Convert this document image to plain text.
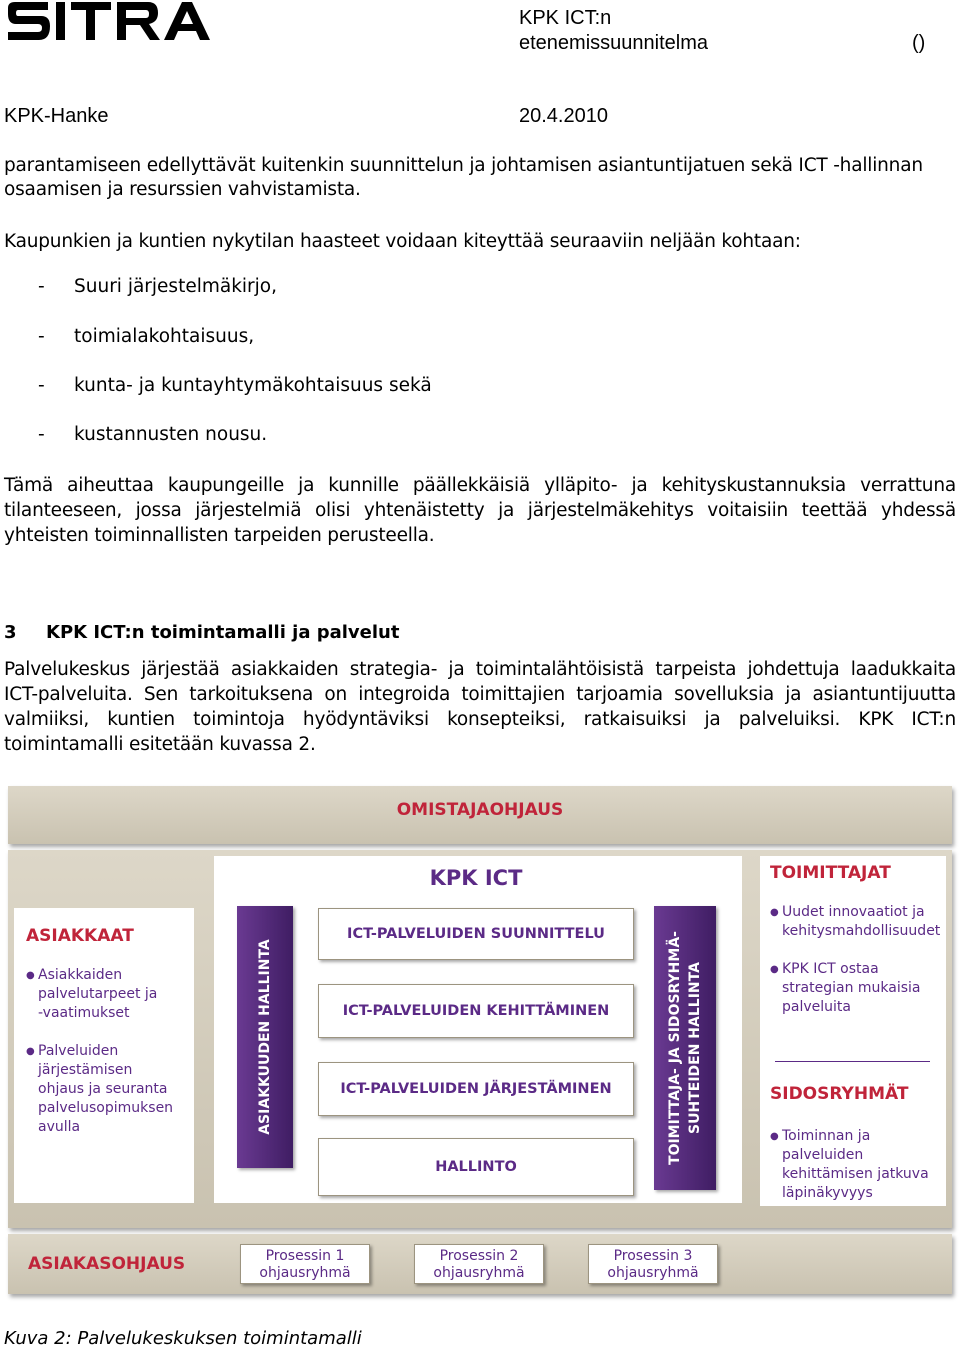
SITRA
KPK ICT:n
etenemissuunnitelma	()
KPK-Hanke	20.4.2010
parantamiseen edellyttävät kuitenkin suunnittelun ja johtamisen asiantuntijatuen sekä ICT -hallinnan
osaamisen ja resurssien vahvistamista.
Kaupunkien ja kuntien nykytilan haasteet voidaan kiteyttää seuraaviin neljään kohtaan:
- Suuri järjestelmäkirjo,
- toimialakohtaisuus,
- kunta- ja kuntayhtymäkohtaisuus sekä
- kustannusten nousu.
Tämä aiheuttaa kaupungeille ja kunnille päällekkäisiä ylläpito- ja kehityskustannuksia verrattuna
tilanteeseen, jossa järjestelmiä olisi yhtenäistetty ja järjestelmäkehitys voitaisiin teettää yhdessä
yhteisten toiminnallisten tarpeiden perusteella.
3 KPK ICT:n toimintamalli ja palvelut
Palvelukeskus järjestää asiakkaiden strategia- ja toimintalähtöisistä tarpeista johdettuja laadukkaita
ICT-palveluita. Sen tarkoituksena on integroida toimittajien tarjoamia sovelluksia ja asiantuntijuutta
valmiiksi, kuntien toimintoja hyödyntäviksi konsepteiksi, ratkaisuiksi ja palveluiksi. KPK ICT:n
toimintamalli esitetään kuvassa 2.
OMISTAJAOHJAUS
ASIAKKAAT
● Asiakkaiden
palvelutarpeet ja
-vaatimukset
● Palveluiden
järjestämisen
ohjaus ja seuranta
palvelusopimuksen
avulla
KPK ICT
ASIAKKUUDEN HALLINTA
ICT-PALVELUIDEN SUUNNITTELU
ICT-PALVELUIDEN KEHITTÄMINEN
ICT-PALVELUIDEN JÄRJESTÄMINEN
HALLINTO
TOIMITTAJA- JA SIDOSRYHMÄ- SUHTEIDEN HALLINTA
TOIMITTAJAT
● Uudet innovaatiot ja
kehitysmahdollisuudet
● KPK ICT ostaa
strategian mukaisia
palveluita
SIDOSRYHMÄT
● Toiminnan ja
palveluiden
kehittämisen jatkuva
läpinäkyvyys
ASIAKASOHJAUS	Prosessin 1
ohjausryhmä
Prosessin 2
ohjausryhmä
Prosessin 3
ohjausryhmä
Kuva 2: Palvelukeskuksen toimintamalli
